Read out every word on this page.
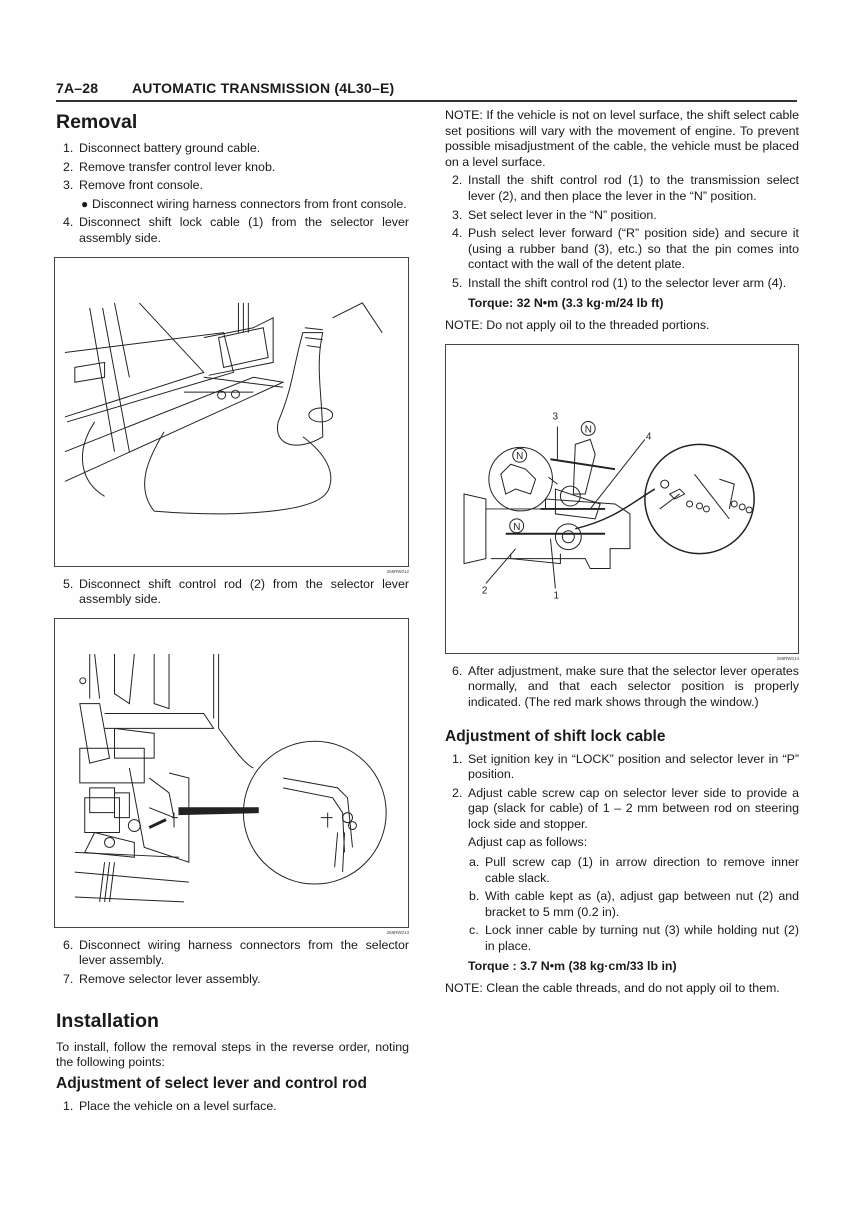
7A–28 AUTOMATIC TRANSMISSION (4L30–E)
Removal
1. Disconnect battery ground cable.
2. Remove transfer control lever knob.
3. Remove front console.
● Disconnect wiring harness connectors from front console.
4. Disconnect shift lock cable (1) from the selector lever assembly side.
258RW012
5. Disconnect shift control rod (2) from the selector lever assembly side.
258RW013
6. Disconnect wiring harness connectors from the selector lever assembly.
7. Remove selector lever assembly.
Installation
To install, follow the removal steps in the reverse order, noting the following points:
Adjustment of select lever and control rod
1. Place the vehicle on a level surface.
NOTE: If the vehicle is not on level surface, the shift select cable set positions will vary with the movement of engine. To prevent possible misadjustment of the cable, the vehicle must be placed on a level surface.
2. Install the shift control rod (1) to the transmission select lever (2), and then place the lever in the “N” position.
3. Set select lever in the “N” position.
4. Push select lever forward (“R” position side) and secure it (using a rubber band (3), etc.) so that the pin comes into contact with the wall of the detent plate.
5. Install the shift control rod (1) to the selector lever arm (4).
Torque: 32 N•m (3.3 kg·m/24 lb ft)
NOTE: Do not apply oil to the threaded portions.
N
N
N
3
4
2	1
258RW014
6. After adjustment, make sure that the selector lever operates normally, and that each selector position is properly indicated. (The red mark shows through the window.)
Adjustment of shift lock cable
1. Set ignition key in “LOCK” position and selector lever in “P” position.
2. Adjust cable screw cap on selector lever side to provide a gap (slack for cable) of 1 – 2 mm between rod on steering lock side and stopper.
Adjust cap as follows:
a. Pull screw cap (1) in arrow direction to remove inner cable slack.
b. With cable kept as (a), adjust gap between nut (2) and bracket to 5 mm (0.2 in).
c. Lock inner cable by turning nut (3) while holding nut (2) in place.
Torque : 3.7 N•m (38 kg·cm/33 lb in)
NOTE: Clean the cable threads, and do not apply oil to them.
